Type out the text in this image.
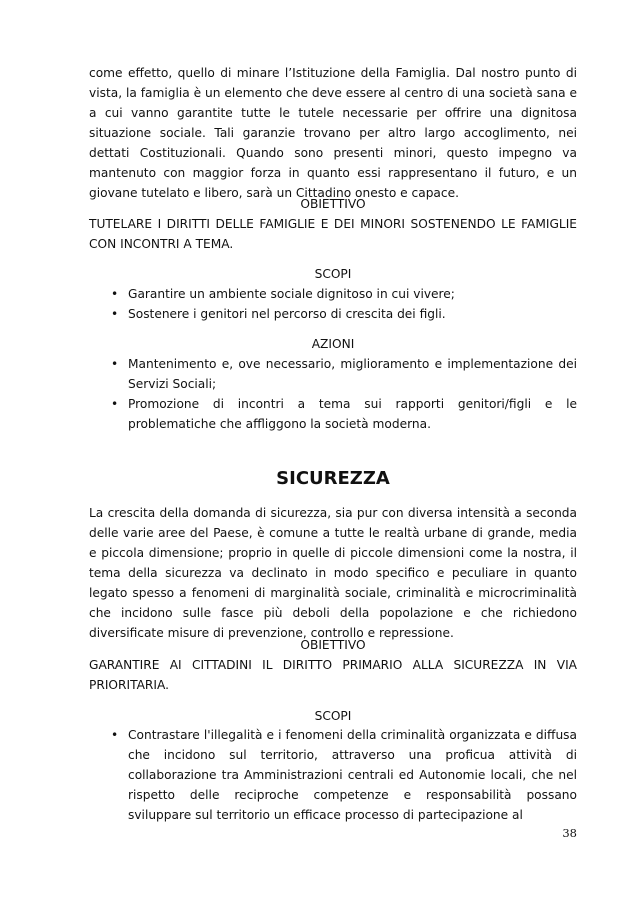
come effetto, quello di minare l’Istituzione della Famiglia. Dal nostro punto di vista, la famiglia è un elemento che deve essere al centro di una società sana e a cui vanno garantite tutte le tutele necessarie per offrire una dignitosa situazione sociale. Tali garanzie trovano per altro largo accoglimento, nei dettati Costituzionali. Quando sono presenti minori, questo impegno va mantenuto con maggior forza in quanto essi rappresentano il futuro, e un giovane tutelato e libero, sarà un Cittadino onesto e capace.
OBIETTIVO
TUTELARE I DIRITTI DELLE FAMIGLIE E DEI MINORI SOSTENENDO LE FAMIGLIE CON INCONTRI A TEMA.
SCOPI
• Garantire un ambiente sociale dignitoso in cui vivere;
• Sostenere i genitori nel percorso di crescita dei figli.
AZIONI
• Mantenimento e, ove necessario, miglioramento e implementazione dei Servizi Sociali;
• Promozione di incontri a tema sui rapporti genitori/figli e le problematiche che affliggono la società moderna.
SICUREZZA
La crescita della domanda di sicurezza, sia pur con diversa intensità a seconda delle varie aree del Paese, è comune a tutte le realtà urbane di grande, media e piccola dimensione; proprio in quelle di piccole dimensioni come la nostra, il tema della sicurezza va declinato in modo specifico e peculiare in quanto legato spesso a fenomeni di marginalità sociale, criminalità e microcriminalità che incidono sulle fasce più deboli della popolazione e che richiedono diversificate misure di prevenzione, controllo e repressione.
OBIETTIVO
GARANTIRE AI CITTADINI IL DIRITTO PRIMARIO ALLA SICUREZZA IN VIA PRIORITARIA.
SCOPI
• Contrastare l'illegalità e i fenomeni della criminalità organizzata e diffusa che incidono sul territorio, attraverso una proficua attività di collaborazione tra Amministrazioni centrali ed Autonomie locali, che nel rispetto delle reciproche competenze e responsabilità possano sviluppare sul territorio un efficace processo di partecipazione al
38
